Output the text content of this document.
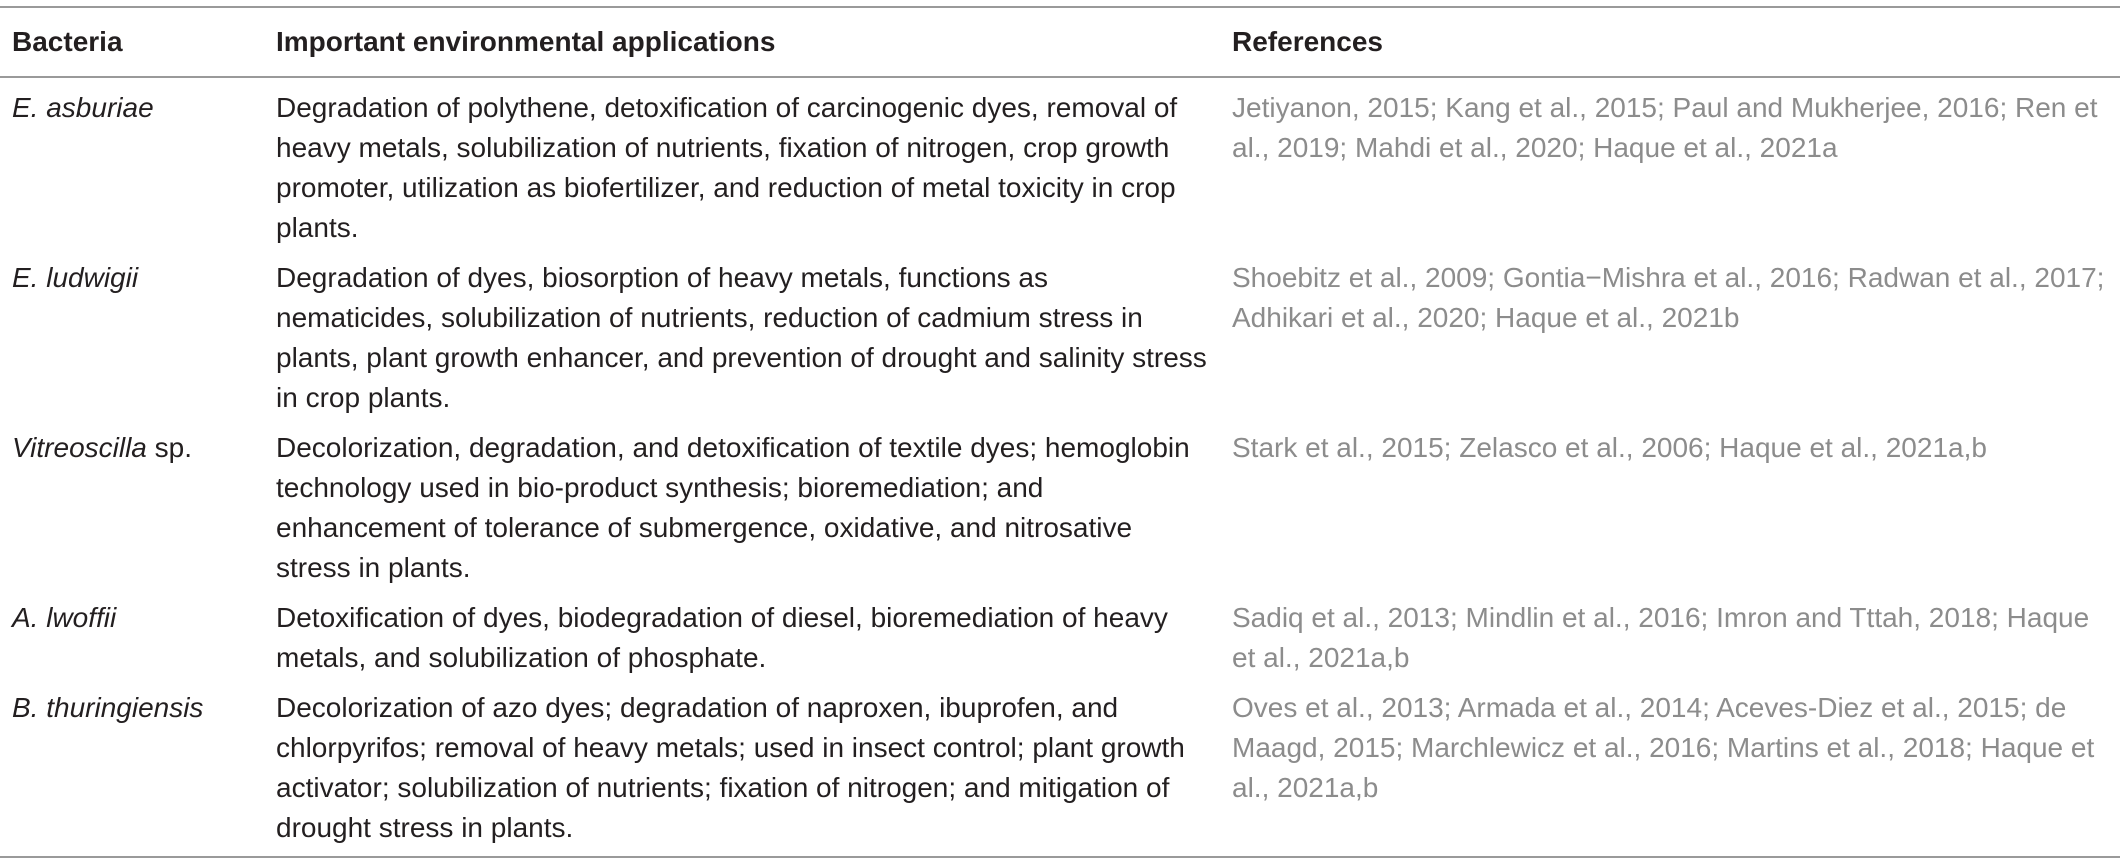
Bacteria	Important environmental applications	References
E. asburiae	Degradation of polythene, detoxification of carcinogenic dyes, removal of heavy metals, solubilization of nutrients, fixation of nitrogen, crop growth promoter, utilization as biofertilizer, and reduction of metal toxicity in crop plants.	Jetiyanon, 2015; Kang et al., 2015; Paul and Mukherjee, 2016; Ren et al., 2019; Mahdi et al., 2020; Haque et al., 2021a
E. ludwigii	Degradation of dyes, biosorption of heavy metals, functions as nematicides, solubilization of nutrients, reduction of cadmium stress in plants, plant growth enhancer, and prevention of drought and salinity stress in crop plants.	Shoebitz et al., 2009; Gontia−Mishra et al., 2016; Radwan et al., 2017; Adhikari et al., 2020; Haque et al., 2021b
Vitreoscilla sp.	Decolorization, degradation, and detoxification of textile dyes; hemoglobin technology used in bio-product synthesis; bioremediation; and enhancement of tolerance of submergence, oxidative, and nitrosative stress in plants.	Stark et al., 2015; Zelasco et al., 2006; Haque et al., 2021a,b
A. lwoffii	Detoxification of dyes, biodegradation of diesel, bioremediation of heavy metals, and solubilization of phosphate.	Sadiq et al., 2013; Mindlin et al., 2016; Imron and Tttah, 2018; Haque et al., 2021a,b
B. thuringiensis	Decolorization of azo dyes; degradation of naproxen, ibuprofen, and chlorpyrifos; removal of heavy metals; used in insect control; plant growth activator; solubilization of nutrients; fixation of nitrogen; and mitigation of drought stress in plants.	Oves et al., 2013; Armada et al., 2014; Aceves-Diez et al., 2015; de Maagd, 2015; Marchlewicz et al., 2016; Martins et al., 2018; Haque et al., 2021a,b
